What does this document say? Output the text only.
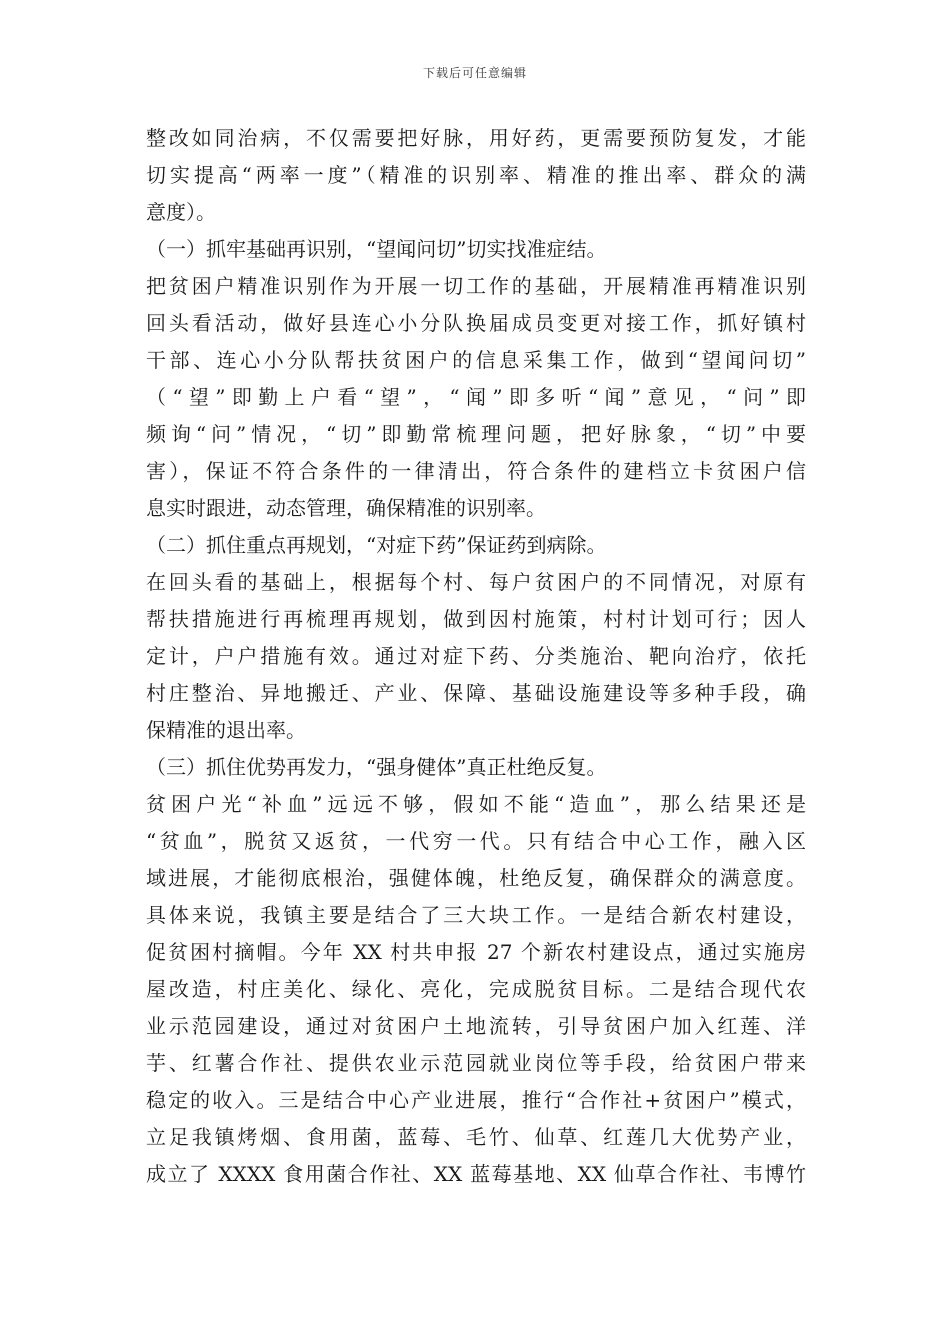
下载后可任意编辑
整改如同治病，不仅需要把好脉，用好药，更需要预防复发，才能
切实提高“两率一度”（精准的识别率、精准的推出率、群众的满
意度）。
（一）抓牢基础再识别，“望闻问切”切实找准症结。
把贫困户精准识别作为开展一切工作的基础，开展精准再精准识别
回头看活动，做好县连心小分队换届成员变更对接工作，抓好镇村
干部、连心小分队帮扶贫困户的信息采集工作，做到“望闻问切”
（“望”即勤上户看“望”，“闻”即多听“闻”意见，“问”即
频询“问”情况，“切”即勤常梳理问题，把好脉象，“切”中要
害），保证不符合条件的一律清出，符合条件的建档立卡贫困户信
息实时跟进，动态管理，确保精准的识别率。
（二）抓住重点再规划，“对症下药”保证药到病除。
在回头看的基础上，根据每个村、每户贫困户的不同情况，对原有
帮扶措施进行再梳理再规划，做到因村施策，村村计划可行；因人
定计，户户措施有效。通过对症下药、分类施治、靶向治疗，依托
村庄整治、异地搬迁、产业、保障、基础设施建设等多种手段，确
保精准的退出率。
（三）抓住优势再发力，“强身健体”真正杜绝反复。
贫困户光“补血”远远不够，假如不能“造血”，那么结果还是
“贫血”，脱贫又返贫，一代穷一代。只有结合中心工作，融入区
域进展，才能彻底根治，强健体魄，杜绝反复，确保群众的满意度。
具体来说，我镇主要是结合了三大块工作。一是结合新农村建设，
促贫困村摘帽。今年 XX 村共申报 27 个新农村建设点，通过实施房
屋改造，村庄美化、绿化、亮化，完成脱贫目标。二是结合现代农
业示范园建设，通过对贫困户土地流转，引导贫困户加入红莲、洋
芋、红薯合作社、提供农业示范园就业岗位等手段，给贫困户带来
稳定的收入。三是结合中心产业进展，推行“合作社+贫困户”模式，
立足我镇烤烟、食用菌，蓝莓、毛竹、仙草、红莲几大优势产业，
成立了 XXXX 食用菌合作社、XX 蓝莓基地、XX 仙草合作社、韦博竹
